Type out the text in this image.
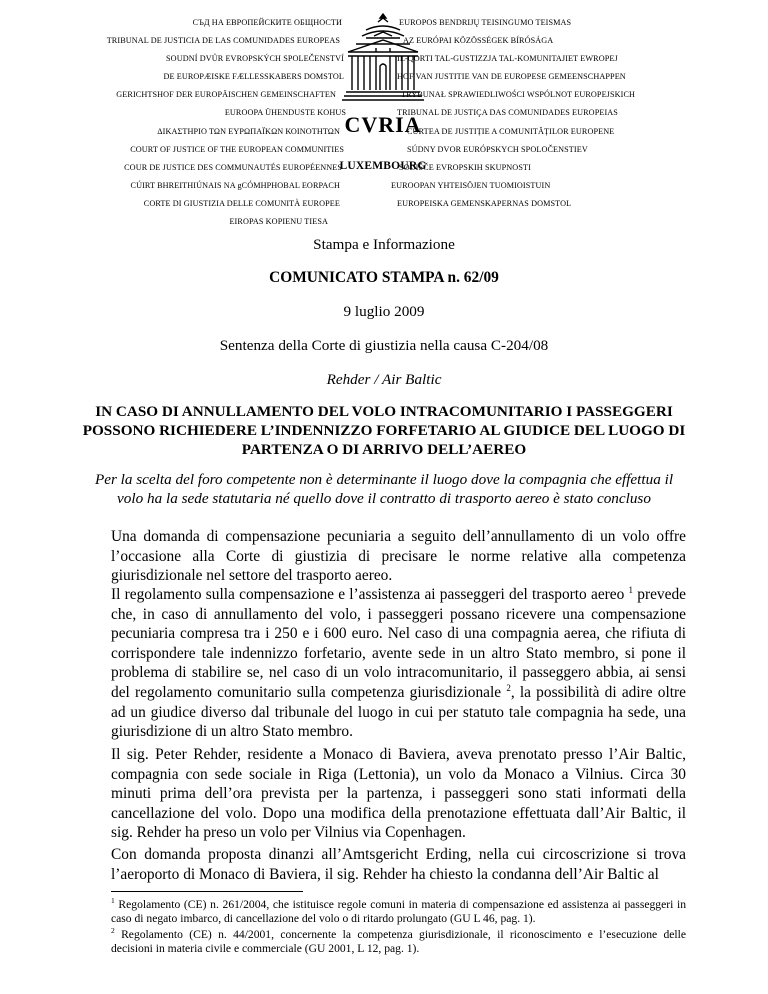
СЪД НА ЕВРОПЕЙСКИТЕ ОБЩНОСТИ
TRIBUNAL DE JUSTICIA DE LAS COMUNIDADES EUROPEAS
SOUDNÍ DVŮR EVROPSKÝCH SPOLEČENSTVÍ
DE EUROPÆISKE FÆLLESSKABERS DOMSTOL
GERICHTSHOF DER EUROPÄISCHEN GEMEINSCHAFTEN
EUROOPA ÜHENDUSTE KOHUS
ΔΙΚΑΣΤΗΡΙΟ ΤΩΝ ΕΥΡΩΠΑΪΚΩΝ ΚΟΙΝΟΤΗΤΩΝ
COURT OF JUSTICE OF THE EUROPEAN COMMUNITIES
COUR DE JUSTICE DES COMMUNAUTÉS EUROPÉENNES
CÚIRT BHREITHIÚNAIS NA gCÓMHPHOBAL EORPACH
CORTE DI GIUSTIZIA DELLE COMUNITÀ EUROPEE
EIROPAS KOPIENU TIESA
EUROPOS BENDRIJŲ TEISINGUMO TEISMAS
AZ EURÓPAI KÖZÖSSÉGEK BÍRÓSÁGA
IL-QORTI TAL-GUSTIZZJA TAL-KOMUNITAJIET EWROPEJ
HOF VAN JUSTITIE VAN DE EUROPESE GEMEENSCHAPPEN
TRYBUNAŁ SPRAWIEDLIWOŚCI WSPÓLNOT EUROPEJSKICH
TRIBUNAL DE JUSTIÇA DAS COMUNIDADES EUROPEIAS
CURTEA DE JUSTIȚIE A COMUNITĂȚILOR EUROPENE
SÚDNY DVOR EURÓPSKYCH SPOLOČENSTIEV
SODIŠČE EVROPSKIH SKUPNOSTI
EUROOPAN YHTEISÖJEN TUOMIOISTUIN
EUROPEISKA GEMENSKAPERNAS DOMSTOL
CVRIA
LUXEMBOURG
Stampa e Informazione
COMUNICATO STAMPA n. 62/09
9 luglio 2009
Sentenza della Corte di giustizia nella causa C-204/08
Rehder / Air Baltic
IN CASO DI ANNULLAMENTO DEL VOLO INTRACOMUNITARIO I PASSEGGERI POSSONO RICHIEDERE L’INDENNIZZO FORFETARIO AL GIUDICE DEL LUOGO DI PARTENZA O DI ARRIVO DELL’AEREO
Per la scelta del foro competente non è determinante il luogo dove la compagnia che effettua il volo ha la sede statutaria né quello dove il contratto di trasporto aereo è stato concluso

Una domanda di compensazione pecuniaria a seguito dell’annullamento di un volo offre l’occasione alla Corte di giustizia di precisare le norme relative alla competenza giurisdizionale nel settore del trasporto aereo.

Il regolamento sulla compensazione e l’assistenza ai passeggeri del trasporto aereo $^1$ prevede che, in caso di annullamento del volo, i passeggeri possano ricevere una compensazione pecuniaria compresa tra i 250 e i 600 euro. Nel caso di una compagnia aerea, che rifiuta di corrispondere tale indennizzo forfetario, avente sede in un altro Stato membro, si pone il problema di stabilire se, nel caso di un volo intracomunitario, il passeggero abbia, ai sensi del regolamento comunitario sulla competenza giurisdizionale $^2$, la possibilità di adire oltre ad un giudice diverso dal tribunale del luogo in cui per statuto tale compagnia ha sede, una giurisdizione di un altro Stato membro.

Il sig. Peter Rehder, residente a Monaco di Baviera, aveva prenotato presso l’Air Baltic, compagnia con sede sociale in Riga (Lettonia), un volo da Monaco a Vilnius. Circa 30 minuti prima dell’ora prevista per la partenza, i passeggeri sono stati informati della cancellazione del volo. Dopo una modifica della prenotazione effettuata dall’Air Baltic, il sig. Rehder ha preso un volo per Vilnius via Copenhagen.

Con domanda proposta dinanzi all’Amtsgericht Erding, nella cui circoscrizione si trova l’aeroporto di Monaco di Baviera, il sig. Rehder ha chiesto la condanna dell’Air Baltic al

$^1$ Regolamento (CE) n. 261/2004, che istituisce regole comuni in materia di compensazione ed assistenza ai passeggeri in caso di negato imbarco, di cancellazione del volo o di ritardo prolungato (GU L 46, pag. 1).

$^2$ Regolamento (CE) n. 44/2001, concernente la competenza giurisdizionale, il riconoscimento e l’esecuzione delle decisioni in materia civile e commerciale (GU 2001, L 12, pag. 1).
